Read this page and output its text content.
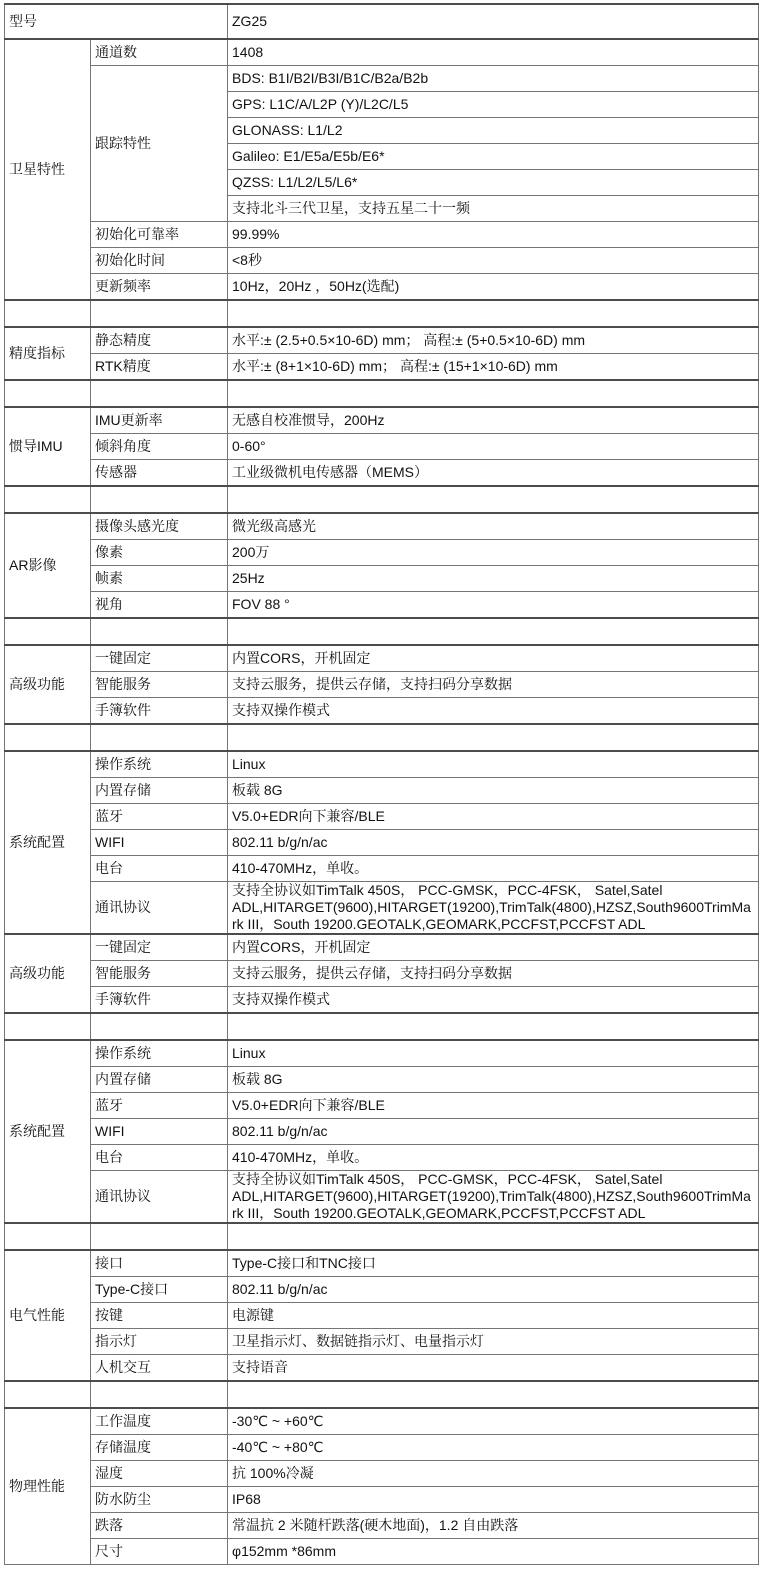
型号		ZG25
卫星特性	通道数	1408
	跟踪特性	BDS: B1I/B2I/B3I/B1C/B2a/B2b
		GPS: L1C/A/L2P (Y)/L2C/L5
		GLONASS: L1/L2
		Galileo: E1/E5a/E5b/E6*
		QZSS: L1/L2/L5/L6*
		支持北斗三代卫星，支持五星二十一频
	初始化可靠率	99.99%
	初始化时间	<8秒
	更新频率	10Hz，20Hz ，50Hz(选配)

精度指标	静态精度	水平:± (2.5+0.5×10-6D) mm； 高程:± (5+0.5×10-6D) mm
	RTK精度	水平:± (8+1×10-6D) mm； 高程:± (15+1×10-6D) mm

惯导IMU	IMU更新率	无感自校准惯导，200Hz
	倾斜角度	0-60°
	传感器	工业级微机电传感器（MEMS）

AR影像	摄像头感光度	微光级高感光
	像素	200万
	帧素	25Hz
	视角	FOV 88 °

高级功能	一键固定	内置CORS，开机固定
	智能服务	支持云服务，提供云存储，支持扫码分享数据
	手簿软件	支持双操作模式

系统配置	操作系统	Linux
	内置存储	板载 8G
	蓝牙	V5.0+EDR向下兼容/BLE
	WIFI	802.11 b/g/n/ac
	电台	410-470MHz，单收。
	通讯协议	支持全协议如TimTalk 450S， PCC-GMSK，PCC-4FSK， Satel,Satel ADL,HITARGET(9600),HITARGET(19200),TrimTalk(4800),HZSZ,South9600TrimMark III，South 19200.GEOTALK,GEOMARK,PCCFST,PCCFST ADL
高级功能	一键固定	内置CORS，开机固定
	智能服务	支持云服务，提供云存储，支持扫码分享数据
	手簿软件	支持双操作模式

系统配置	操作系统	Linux
	内置存储	板载 8G
	蓝牙	V5.0+EDR向下兼容/BLE
	WIFI	802.11 b/g/n/ac
	电台	410-470MHz，单收。
	通讯协议	支持全协议如TimTalk 450S， PCC-GMSK，PCC-4FSK， Satel,Satel ADL,HITARGET(9600),HITARGET(19200),TrimTalk(4800),HZSZ,South9600TrimMark III，South 19200.GEOTALK,GEOMARK,PCCFST,PCCFST ADL

电气性能	接口	Type-C接口和TNC接口
	Type-C接口	802.11 b/g/n/ac
	按键	电源键
	指示灯	卫星指示灯、数据链指示灯、电量指示灯
	人机交互	支持语音

物理性能	工作温度	-30℃ ~ +60℃
	存储温度	-40℃ ~ +80℃
	湿度	抗 100%冷凝
	防水防尘	IP68
	跌落	常温抗 2 米随杆跌落(硬木地面)，1.2 自由跌落
	尺寸	φ152mm *86mm
